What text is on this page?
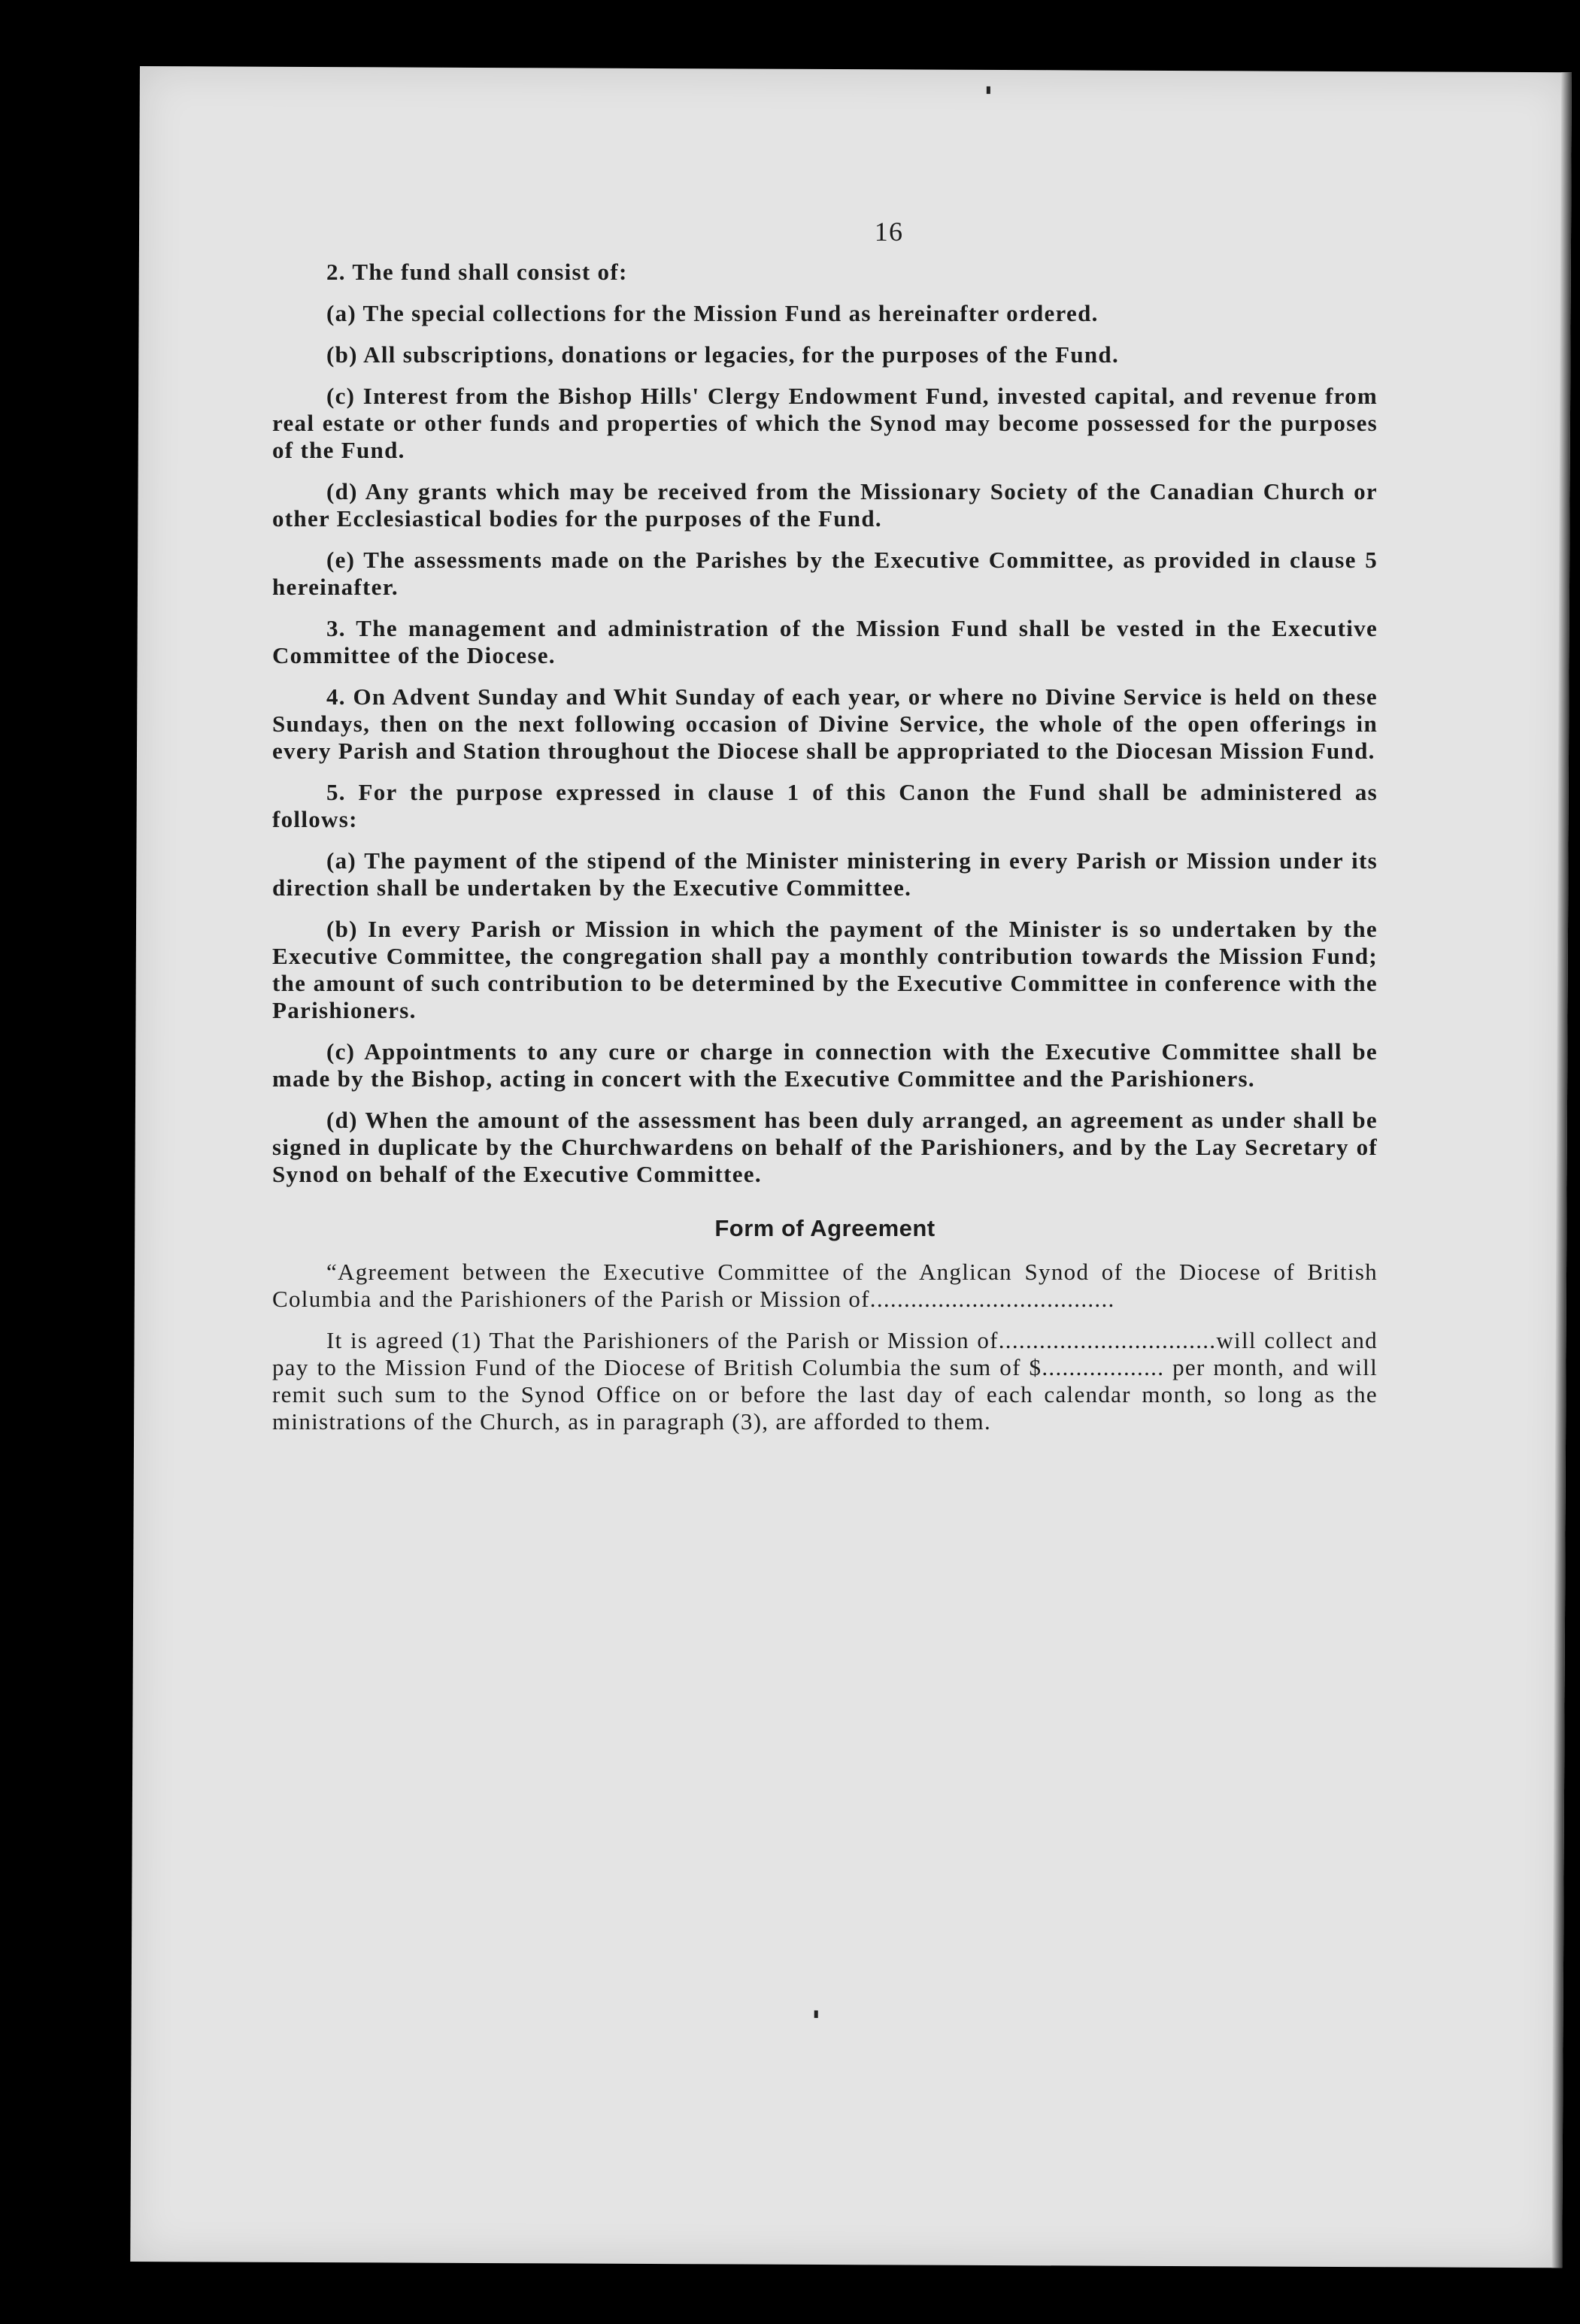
16

2. The fund shall consist of:

(a) The special collections for the Mission Fund as hereinafter ordered.

(b) All subscriptions, donations or legacies, for the purposes of the Fund.

(c) Interest from the Bishop Hills' Clergy Endowment Fund, invested capital, and revenue from real estate or other funds and properties of which the Synod may become possessed for the purposes of the Fund.

(d) Any grants which may be received from the Missionary Society of the Canadian Church or other Ecclesiastical bodies for the purposes of the Fund.

(e) The assessments made on the Parishes by the Executive Committee, as provided in clause 5 hereinafter.

3. The management and administration of the Mission Fund shall be vested in the Executive Committee of the Diocese.

4. On Advent Sunday and Whit Sunday of each year, or where no Divine Service is held on these Sundays, then on the next following occasion of Divine Service, the whole of the open offerings in every Parish and Station throughout the Diocese shall be appropriated to the Diocesan Mission Fund.

5. For the purpose expressed in clause 1 of this Canon the Fund shall be administered as follows:

(a) The payment of the stipend of the Minister ministering in every Parish or Mission under its direction shall be undertaken by the Executive Committee.

(b) In every Parish or Mission in which the payment of the Minister is so undertaken by the Executive Committee, the congregation shall pay a monthly contribution towards the Mission Fund; the amount of such contribution to be determined by the Executive Committee in conference with the Parishioners.

(c) Appointments to any cure or charge in connection with the Executive Committee shall be made by the Bishop, acting in concert with the Executive Committee and the Parishioners.

(d) When the amount of the assessment has been duly arranged, an agreement as under shall be signed in duplicate by the Churchwardens on behalf of the Parishioners, and by the Lay Secretary of Synod on behalf of the Executive Committee.

Form of Agreement

“Agreement between the Executive Committee of the Anglican Synod of the Diocese of British Columbia and the Parishioners of the Parish or Mission of....................................

It is agreed (1) That the Parishioners of the Parish or Mission of................................will collect and pay to the Mission Fund of the Diocese of British Columbia the sum of $.................. per month, and will remit such sum to the Synod Office on or before the last day of each calendar month, so long as the ministrations of the Church, as in paragraph (3), are afforded to them.
